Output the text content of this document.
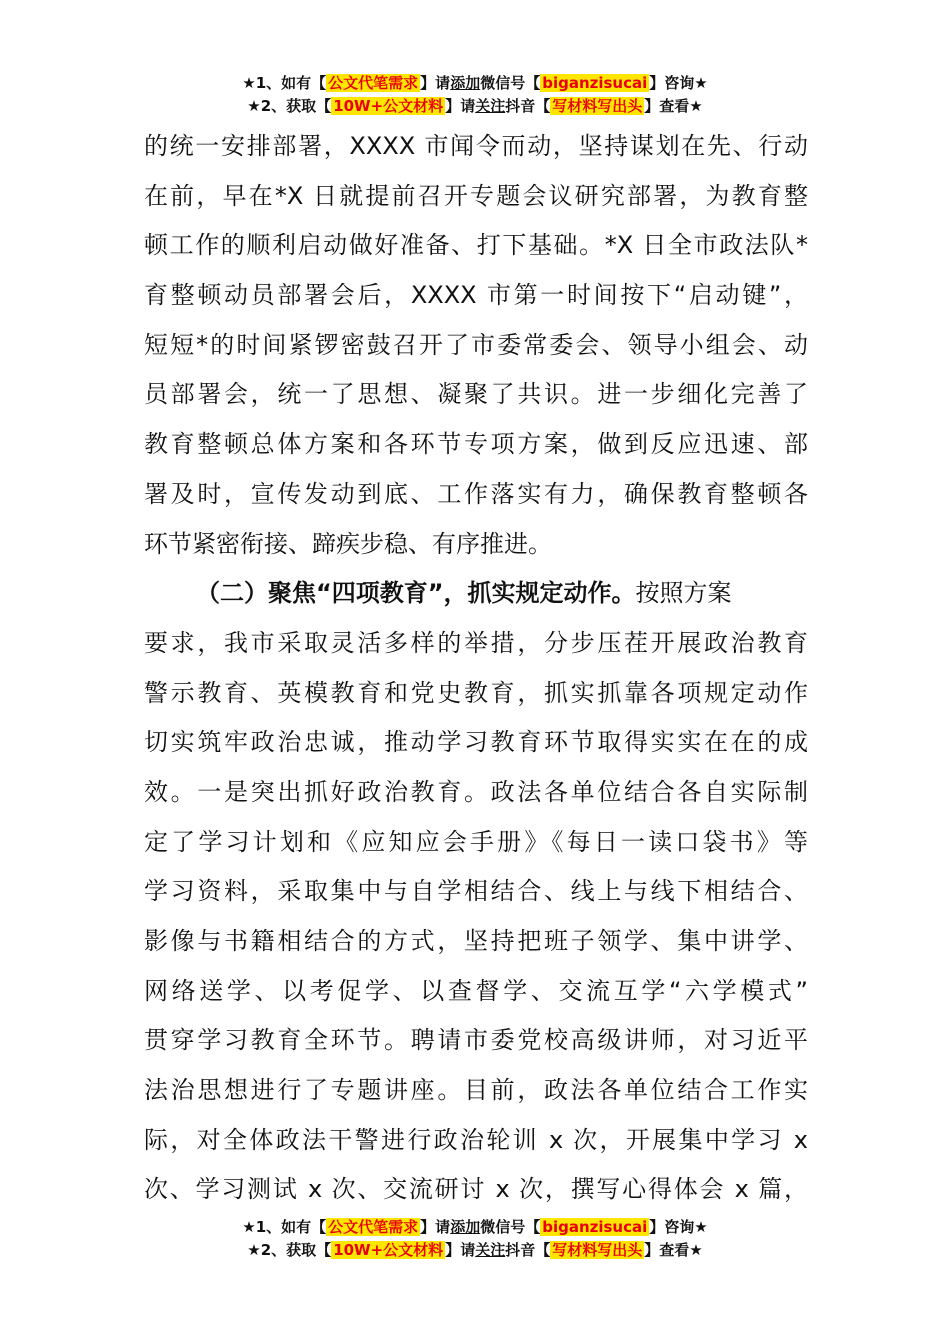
★1、如有【 公文代笔需求 】请添加微信号【 biganzisucai 】咨询★
★2、获取【 10W+公文材料 】请关注抖音【 写材料写出头 】查看★
的统一安排部署，XXXX 市闻令而动，坚持谋划在先、行动
在前，早在*X 日就提前召开专题会议研究部署，为教育整
顿工作的顺利启动做好准备、打下基础。*X 日全市政法队*
育整顿动员部署会后，XXXX 市第一时间按下“启动键”，
短短*的时间紧锣密鼓召开了市委常委会、领导小组会、动
员部署会，统一了思想、凝聚了共识。进一步细化完善了
教育整顿总体方案和各环节专项方案，做到反应迅速、部
署及时，宣传发动到底、工作落实有力，确保教育整顿各
环节紧密衔接、蹄疾步稳、有序推进。
（二）聚焦“四项教育”，抓实规定动作。按照方案
要求，我市采取灵活多样的举措，分步压茬开展政治教育
警示教育、英模教育和党史教育，抓实抓靠各项规定动作
切实筑牢政治忠诚，推动学习教育环节取得实实在在的成
效。一是突出抓好政治教育。政法各单位结合各自实际制
定了学习计划和《应知应会手册》《每日一读口袋书》等
学习资料，采取集中与自学相结合、线上与线下相结合、
影像与书籍相结合的方式，坚持把班子领学、集中讲学、
网络送学、以考促学、以查督学、交流互学“六学模式”
贯穿学习教育全环节。聘请市委党校高级讲师，对习近平
法治思想进行了专题讲座。目前，政法各单位结合工作实
际，对全体政法干警进行政治轮训 x 次，开展集中学习 x
次、学习测试 x 次、交流研讨 x 次，撰写心得体会 x 篇，
★1、如有【 公文代笔需求 】请添加微信号【 biganzisucai 】咨询★
★2、获取【 10W+公文材料 】请关注抖音【 写材料写出头 】查看★
